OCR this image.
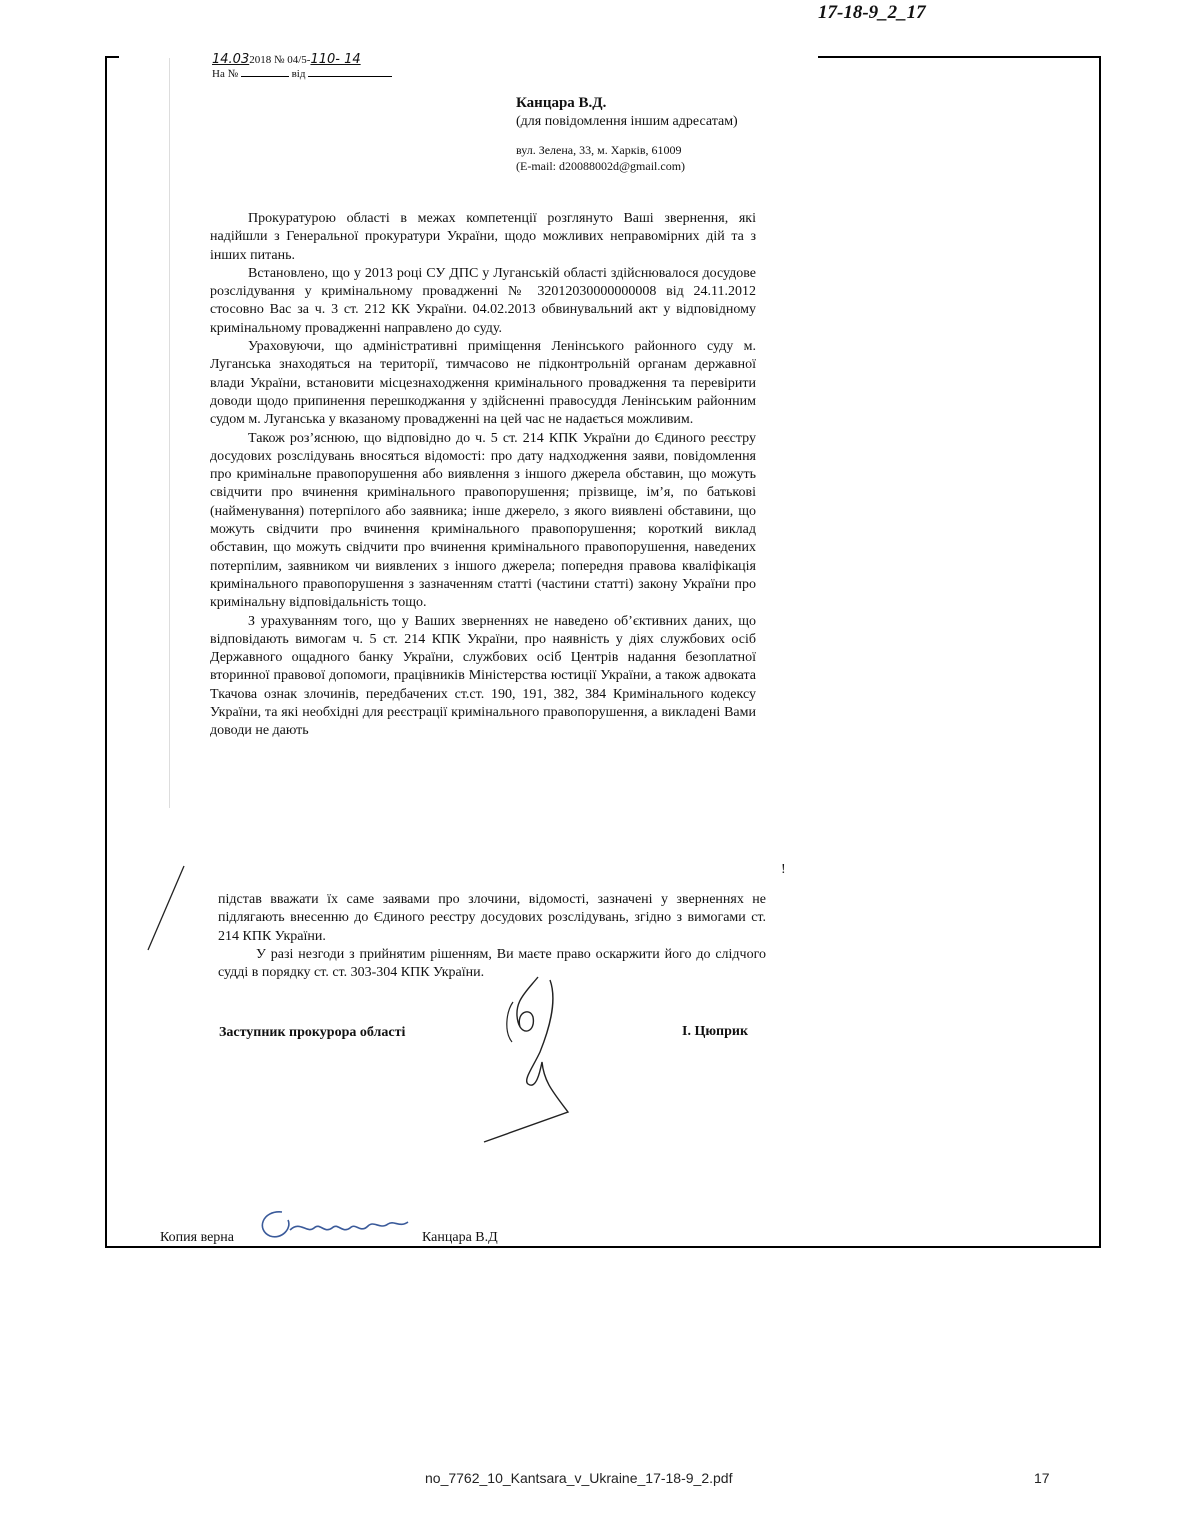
17-18-9_2_17
14.032018 № 04/5-110- 14
На №	від
Канцара В.Д.
(для повідомлення іншим адресатам)
вул. Зелена, 33, м. Харків, 61009
(E-mail: d20088002d@gmail.com)

Прокуратурою області в межах компетенції розглянуто Ваші звернення, які надійшли з Генеральної прокуратури України, щодо можливих неправомірних дій та з інших питань.

Встановлено, що у 2013 році СУ ДПС у Луганській області здійснювалося досудове розслідування у кримінальному провадженні № 32012030000000008 від 24.11.2012 стосовно Вас за ч. 3 ст. 212 КК України. 04.02.2013 обвинувальний акт у відповідному кримінальному провадженні направлено до суду.

Ураховуючи, що адміністративні приміщення Ленінського районного суду м. Луганська знаходяться на території, тимчасово не підконтрольній органам державної влади України, встановити місцезнаходження кримінального провадження та перевірити доводи щодо припинення перешкоджання у здійсненні правосуддя Ленінським районним судом м. Луганська у вказаному провадженні на цей час не надається можливим.

Також роз’яснюю, що відповідно до ч. 5 ст. 214 КПК України до Єдиного реєстру досудових розслідувань вносяться відомості: про дату надходження заяви, повідомлення про кримінальне правопорушення або виявлення з іншого джерела обставин, що можуть свідчити про вчинення кримінального правопорушення; прізвище, ім’я, по батькові (найменування) потерпілого або заявника; інше джерело, з якого виявлені обставини, що можуть свідчити про вчинення кримінального правопорушення; короткий виклад обставин, що можуть свідчити про вчинення кримінального правопорушення, наведених потерпілим, заявником чи виявлених з іншого джерела; попередня правова кваліфікація кримінального правопорушення з зазначенням статті (частини статті) закону України про кримінальну відповідальність тощо.

З урахуванням того, що у Ваших зверненнях не наведено об’єктивних даних, що відповідають вимогам ч. 5 ст. 214 КПК України, про наявність у діях службових осіб Державного ощадного банку України, службових осіб Центрів надання безоплатної вторинної правової допомоги, працівників Міністерства юстиції України, а також адвоката Ткачова ознак злочинів, передбачених ст.ст. 190, 191, 382, 384 Кримінального кодексу України, та які необхідні для реєстрації кримінального правопорушення, а викладені Вами доводи не дають

!

підстав вважати їх саме заявами про злочини, відомості, зазначені у зверненнях не підлягають внесенню до Єдиного реєстру досудових розслідувань, згідно з вимогами ст. 214 КПК України.

У разі незгоди з прийнятим рішенням, Ви маєте право оскаржити його до слідчого судді в порядку ст. ст. 303-304 КПК України.

Заступник прокурора області	І. Цюприк
Копия верна	Канцара В.Д
no_7762_10_Kantsara_v_Ukraine_17-18-9_2.pdf	17
